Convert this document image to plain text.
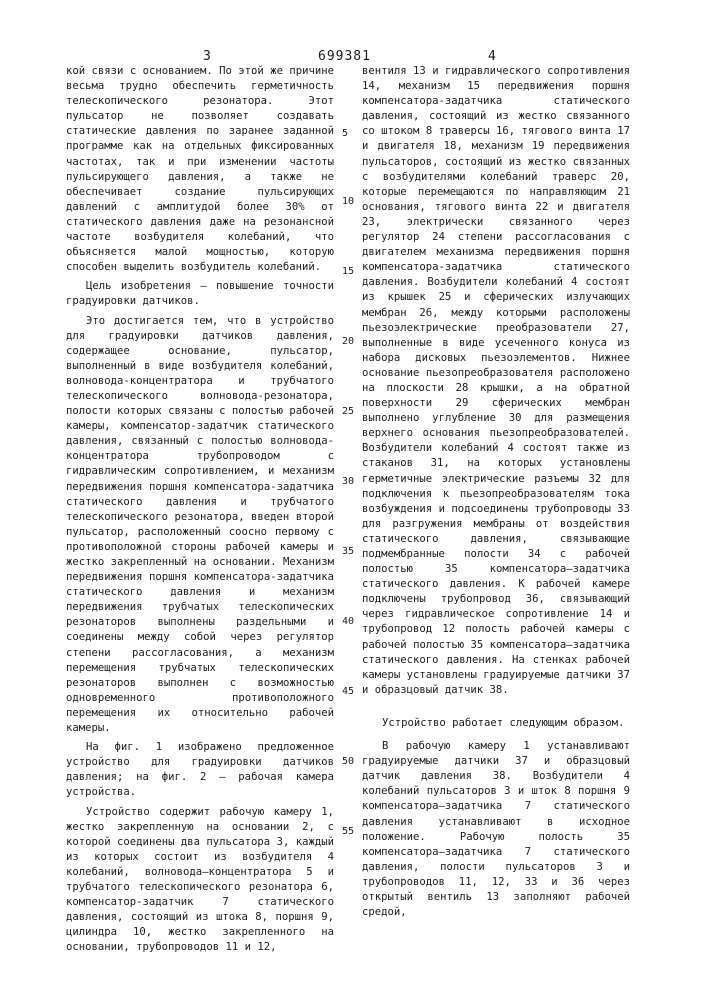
3	699381	4

кой связи с основанием. По этой же причине весьма трудно обеспечить герметичность телескопического резонатора. Этот пульсатор не позволяет создавать статические давления по заранее заданной программе как на отдельных фиксированных частотах, так и при изменении частоты пульсирующего давления, а также не обеспечивает создание пульсирующих давлений с амплитудой более 30% от статического давления даже на резонансной частоте возбудителя колебаний, что объясняется малой мощностью, которую способен выделить возбудитель колебаний.

Цель изобретения – повышение точности градуировки датчиков.

Это достигается тем, что в устройство для градуировки датчиков давления, содержащее основание, пульсатор, выполненный в виде возбудителя колебаний, волновода-концентратора и трубчатого телескопического волновода-резонатора, полости которых связаны с полостью рабочей камеры, компенсатор-задатчик статического давления, связанный с полостью волновода-концентратора трубопроводом с гидравлическим сопротивлением, и механизм передвижения поршня компенсатора-задатчика статического давления и трубчатого телескопического резонатора, введен второй пульсатор, расположенный соосно первому с противоположной стороны рабочей камеры и жестко закрепленный на основании. Механизм передвижения поршня компенсатора-задатчика статического давления и механизм передвижения трубчатых телескопических резонаторов выполнены раздельными и соединены между собой через регулятор степени рассогласования, а механизм перемещения трубчатых телескопических резонаторов выполнен с возможностью одновременного противоположного перемещения их относительно рабочей камеры.

На фиг. 1 изображено предложенное устройство для градуировки датчиков давления; на фиг. 2 – рабочая камера устройства.

Устройство содержит рабочую камеру 1, жестко закрепленную на основании 2, с которой соединены два пульсатора 3, каждый из которых состоит из возбудителя 4 колебаний, волновода–концентратора 5 и трубчатого телескопического резонатора 6, компенсатор-задатчик 7 статического давления, состоящий из штока 8, поршня 9, цилиндра 10, жестко закрепленного на основании, трубопроводов 11 и 12,

вентиля 13 и гидравлического сопротивления 14, механизм 15 передвижения поршня компенсатора-задатчика статического давления, состоящий из жестко связанного со штоком 8 траверсы 16, тягового винта 17 и двигателя 18, механизм 19 передвижения пульсаторов, состоящий из жестко связанных с возбудителями колебаний траверс 20, которые перемещаются по направляющим 21 основания, тягового винта 22 и двигателя 23, электрически связанного через регулятор 24 степени рассогласования с двигателем механизма передвижения поршня компенсатора-задатчика статического давления. Возбудители колебаний 4 состоят из крышек 25 и сферических излучающих мембран 26, между которыми расположены пьезоэлектрические преобразователи 27, выполненные в виде усеченного конуса из набора дисковых пьезоэлементов. Нижнее основание пьезопреобразователя расположено на плоскости 28 крышки, а на обратной поверхности 29 сферических мембран выполнено углубление 30 для размещения верхнего основания пьезопреобразователей. Возбудители колебаний 4 состоят также из стаканов 31, на которых установлены герметичные электрические разъемы 32 для подключения к пьезопреобразователям тока возбуждения и подсоединены трубопроводы 33 для разгружения мембраны от воздействия статического давления, связывающие подмембранные полости 34 с рабочей полостью 35 компенсатора–задатчика статического давления. К рабочей камере подключены трубопровод 36, связывающий через гидравлическое сопротивление 14 и трубопровод 12 полость рабочей камеры с рабочей полостью 35 компенсатора–задатчика статического давления. На стенках рабочей камеры установлены градуируемые датчики 37 и образцовый датчик 38.

Устройство работает следующим образом.

В рабочую камеру 1 устанавливают градуируемые датчики 37 и образцовый датчик давления 38. Возбудители 4 колебаний пульсаторов 3 и шток 8 поршня 9 компенсатора–задатчика 7 статического давления устанавливают в исходное положение. Рабочую полость 35 компенсатора–задатчика 7 статического давления, полости пульсаторов 3 и трубопроводов 11, 12, 33 и 36 через открытый вентиль 13 заполняют рабочей средой,

5
10
15
20
25
30
35
40
45
50
55
